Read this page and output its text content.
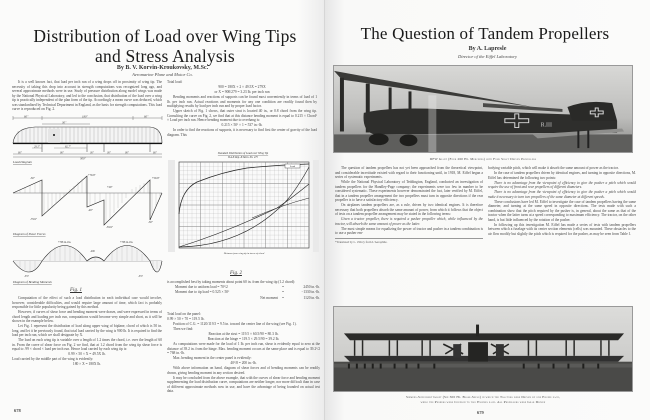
Distribution of Load over Wing Tips
and Stress Analysis
By B. V. Korvin-Kroukovsky, M.Sc.
Aeromarine Plane and Motor Co.

It is a well known fact, that load per inch run of a wing drops off in proximity of wing tip. The necessity of taking this drop into account in strength computations was recognized long ago, and several approximate methods were in use. Study of pressure distribution along model wings was made by the National Physical Laboratory, and led to the conclusion, that distribution of the load over a wing tip is practically independent of the plan form of the tip. Accordingly a mean curve was deduced, which was standardized by Technical Department in England, as the basis for strength computations. This load curve is reproduced on Fig. 2.

60"	180"	60"
30"
29.5"	82.7"
60"	90"	30"	30"	90"	60"
300"
Load Diagram
-30"
+79.9"
+20"
+59.9"
-20"
-59.9"
-79.9"
-30"
Diagram of Shear Forces
+708 in.-lbs.
-200
+708 in.-lbs.
-537	-537
Diagram of Bending Moments
Fig. 1

Computation of the effect of such a load distribution in each individual case would involve, however, considerable difficulties, and would require large amount of time, which fact is probably responsible for little popularity being gained by this method.

However, if curves of shear force and bending moment were drawn, and were expressed in terms of chord length and loading per inch run, computations would become very simple and short, as it will be shown in the example below.

Let Fig. 1 represent the distribution of load along upper wing of biplane, chord of which is 50 in. long, and let it be previously found, that total load carried by the wing is 900 lb. It is required to find the load per inch run, which we shall designate by X.

The load on each wing tip is variable over a length of 1.2 times the chord, i.e. over the length of 60 in. From the curve of shear force on Fig. 2 we find, that at 1.2 chord from the wing tip shear force is equal to .99 × chord × load per inch run. Hence load carried by each wing tip is:

0.99 × 50 × X = 49.5X lb.

Load carried by the middle part of the wing is evidently:

180 × X = 180X lb.

678

Total load:

900 = 180X + 2 × 49.5X = 279X

or X = 900/279 = 3.23 lb. per inch run

Bending moments and reactions of supports can be found most conveniently in terms of load of 1 lb. per inch run. Actual reactions and moments for any one condition are readily found then by multiplying results by load per inch run and by proper load factor.

Upper sketch of Fig. 1 shows, that outer strut is located 40 in., or 0.8 chord from the wing tip. Consulting the curve on Fig. 2, we find that at this distance bending moment is equal to 0.215 × Chord² × Load per inch run. Hence bending moment due to overhang is:

0.215 × 50² × 1 = 537 in.-lb.

In order to find the reactions of supports, it is necessary to find first the center of gravity of the load diagram. This

Standard Distribution of Load over Wing Tip
B.A.P. Rep. & Mem. No. 475
Load
Distance from wing tip in terms of chord
Fig. 2

is accomplished best by taking moments about point 60 in. from the wing tip (1.2 chord):

Moment due to uniform load = 70²/2	=	2450 in.-lb.
Moment due to tip load = 0.525 × 50²	=	−1330 in.-lb.
Net moment	=	1120 in.-lb.

Total load on the panel:

0.99 × 50 + 70 = 119.5 lb.

Position of C.G. = 1120/119.5 = 9.5 in. toward the center line of the wing (see Fig. 1).

Then we find:

Reaction at the strut = 119.5 × 60.5/90 = 80.3 lb.

Reaction at the hinge = 119.5 × 29.5/90 = 39.2 lb.

As computations were made for the load of 1 lb. per inch run, shear is evidently equal to zero at the distance of 39.2 in. from the hinge. Max. bending moment occurs at the same place and is equal to 39.2²/2 = 768 in.-lb.

Max. bending moment in the center panel is evidently:

40²/8 = 200 in.-lb.

With above information on hand, diagram of shear forces and of bending moments can be readily drawn, giving bending moment in any section desired.

It may be concluded from the above example, that with the curves of shear force and bending moment supplementing the load distribution curve, computations are neither longer, nor more difficult than in case of different approximate methods now in use, and have the advantage of being founded on actual test data.

The Question of Tandem Propellers
By A. Lapresle
Director of the Eiffel Laboratory
R.III
DFW Giant (Four 260 Hp. Mercedes) with Four Shaft Driven Propellers

The question of tandem propellers has not yet been approached from the theoretical viewpoint, and considerable incertitude existed with regard to their functioning until, in 1918, M. Eiffel began a series of systematic experiments.

While the National Physical Laboratory of Teddington, England, conducted an investigation of tandem propellers for the Handley-Page company; the experiments were too few in number to be considered systematic. These experiments however demonstrated the fact, later verified by M. Eiffel, that in a tandem propeller arrangement the two propellers must turn in opposite directions if the rear propeller is to have a satisfactory efficiency.

On airplanes tandem propellers are, as a rule, driven by two identical engines. It is therefore necessary that both propellers absorb the same amount of power, from which it follows that the object of tests on a tandem propeller arrangement may be stated in the following terms:

Given a tractor propeller, there is required a pusher propeller which, while influenced by the tractor, will absorb the same amount of power as the latter.

The most simple means for equalizing the power of tractor and pusher in a tandem combination is to use a pusher em-

*Translated by L. d'Orcy from L'Aerophile.

bodying variable pitch, which will make it absorb the same amount of power as the tractor.

In the case of tandem propellers driven by identical engines, and turning in opposite directions, M. Eiffel has determined the following two points:

There is no advantage from the viewpoint of efficiency to give the pusher a pitch which would require the use of front and rear propellers of different diameters.

There is no advantage from the viewpoint of efficiency to give the pusher a pitch which would make it necessary to turn two propellers of the same diameter at different speeds.

These conclusions have led M. Eiffel to investigate the case of tandem propellers having the same diameter, and turning at the same speed in opposite directions. The tests made with such a combination show that the pitch required by the pusher is, in general, about the same as that of the tractor when the latter turns at a speed corresponding to maximum efficiency. The tractor, on the other hand, is but little influenced by the rotation of the pusher.

In following up this investigation M. Eiffel has made a series of tests with tandem propellers between which a fuselage with its center section elements (cells) was mounted. These obstacles to the air flow modify but slightly the pitch which is required for the pusher, as may be seen from Table I.

Siemens-Schuckert Giant (Six 300 Hp. Basse-Selve) in which the Tractors were Driven by one Engine each,
while the Pushers were Coupled to two Engines each. All Propellers were Gear Driven
679
